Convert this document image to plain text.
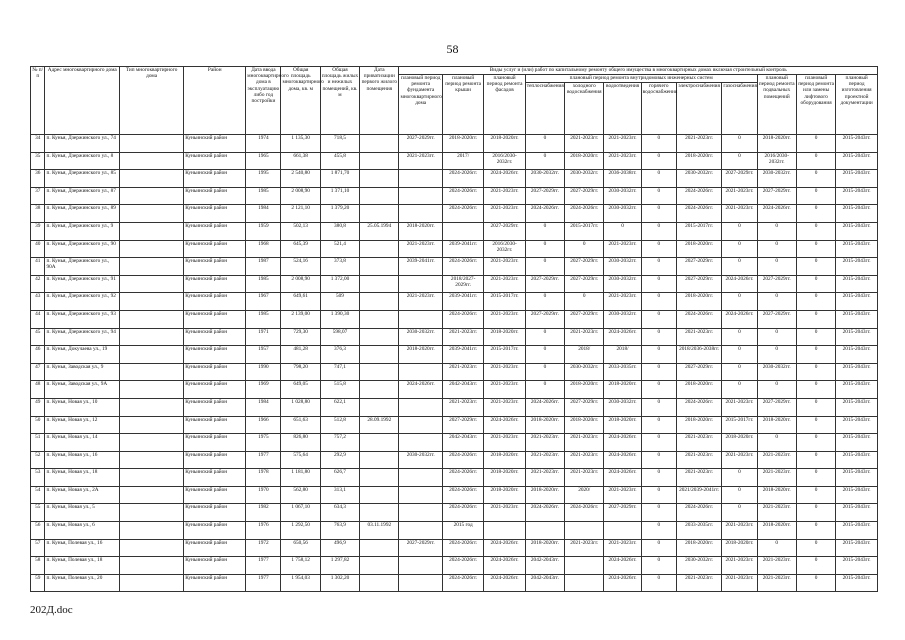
58
№ п/п	Адрес многоквартирного дома	Тип многоквартирного дома	Район	Дата ввода многоквартирного дома в эксплуатацию либо год постройки	Общая площадь многоквартирного дома, кв. м	Общая площадь жилых и нежилых помещений, кв. м	Дата приватизации первого жилого помещения	Виды услуг и (или) работ по капитальному ремонту общего имущества в многоквартирных домах включая строительный контроль											
								плановый период ремонта фундамента многоквартирного дома	плановый период ремонта крыши	плановый период ремонта фасадов	плановый период ремонта внутридомовых инженерных систем						плановый период ремонта подвальных помещений	плановый период ремонта или замены лифтового оборудования	плановый период изготовления проектной документации
											теплоснабжения	холодного водоснабжения	водоотведения	горячего водоснабжения	электроснабжения	газоснабжения			
34	п. Кунья, Дзержинского ул., 74		Куньинский район	1974	1 135,30	718,5		2027-2029гг.	2018-2020гг.	2018-2020гг.	0	2021-2023гг.	2021-2023гг.	0	2021-2023гг.	0	2018-2020гг.	0	2015-2043гг.
35	п. Кунья, Дзержинского ул., 8		Куньинский район	1965	661,38	455,8		2021-2023гг.	2017/	2016/2030-2032гг.	0	2018-2020гг.	2021-2023гг.	0	2018-2020гг.	0	2016/2030-2032гг.	0	2015-2043гг.
36	п. Кунья, Дзержинского ул., 85		Куньинский район	1995	2 540,80	1 871,70			2024-2026гг.	2024-2026гг.	2030-2032гг.	2030-2032гг.	2036-2038гг.	0	2030-2032гг.	2027-2029гг.	2030-2032гг.	0	2015-2043гг.
37	п. Кунья, Дзержинского ул., 87		Куньинский район	1985	2 008,90	1 371,10			2024-2026гг.	2021-2023гг.	2027-2029гг.	2027-2029гг.	2030-2032гг.	0	2024-2026гг.	2021-2023гг.	2027-2029гг.	0	2015-2043гг.
38	п. Кунья, Дзержинского ул., 89		Куньинский район	1984	2 121,10	1 379,20			2024-2026гг.	2021-2023гг.	2024-2026гг.	2024-2026гг.	2030-2032гг.	0	2024-2026гг.	2021-2023гг.	2024-2026гг.	0	2015-2043гг.
39	п. Кунья, Дзержинского ул., 9		Куньинский район	1959	502,13	380,8	25.05.1994	2018-2020гг.		2027-2029гг.	0	2015-2017гг.	0	0	2015-2017гг.	0	0	0	2015-2043гг.
40	п. Кунья, Дзержинского ул., 90		Куньинский район	1968	645,39	521,4		2021-2023гг.	2039-2041гг.	2016/2030-2032гг.	0	0	2021-2023гг.	0	2018-2020гг.	0	0	0	2015-2043гг.
41	п. Кунья, Дзержинского ул., 90А		Куньинский район	1987	524,16	373,8		2039-2041гг.	2024-2026гг.	2021-2023гг.	0	2027-2029гг.	2030-2032гг.	0	2027-2029гг.	0	0	0	2015-2043гг.
42	п. Кунья, Дзержинского ул., 91		Куньинский район	1985	2 008,90	1 372,00			2018/2027-2029гг.	2021-2023гг.	2027-2029гг.	2027-2029гг.	2030-2032гг.	0	2027-2029гг.	2024-2026гг.	2027-2029гг.	0	2015-2043гг.
43	п. Кунья, Дзержинского ул., 92		Куньинский район	1967	649,61	509		2021-2023гг.	2039-2041гг.	2015-2017гг.	0	0	2021-2023гг.	0	2018-2020гг.	0	0	0	2015-2043гг.
44	п. Кунья, Дзержинского ул., 93		Куньинский район	1985	2 139,00	1 390,30			2024-2026гг.	2021-2023гг.	2027-2029гг.	2027-2029гг.	2030-2032гг.	0	2024-2026гг.	2024-2026гг.	2027-2029гг.	0	2015-2043гг.
45	п. Кунья, Дзержинского ул., 94		Куньинский район	1971	729,30	598,07		2030-2032гг.	2021-2023гг.	2018-2020гг.	0	2021-2023гг.	2024-2026гг.	0	2021-2023гг.	0	0	0	2015-2043гг.
46	п. Кунья, Докучаева ул., 19		Куньинский район	1957	481,28	376,3		2018-2020гг.	2039-2041гг.	2015-2017гг.	0	2018/	2018/	0	2018/2036-2038гг.	0	0	0	2015-2043гг.
47	п. Кунья, Заводская ул., 9		Куньинский район	1990	798,20	747,1			2021-2023гг.	2021-2023гг.	0	2030-2032гг.	2033-2035гг.	0	2027-2029гг.	0	2030-2032гг.	0	2015-2043гг.
48	п. Кунья, Заводская ул., 9А		Куньинский район	1969	649,05	515,8		2024-2026гг.	2042-2043гг.	2021-2023гг.	0	2018-2020гг.	2018-2020гг.	0	2018-2020гг.	0	0	0	2015-2043гг.
49	п. Кунья, Новая ул., 10		Куньинский район	1984	1 028,80	622,1			2021-2023гг.	2021-2023гг.	2024-2026гг.	2027-2029гг.	2030-2032гг.	0	2024-2026гг.	2021-2023гг.	2027-2029гг.	0	2015-2043гг.
50	п. Кунья, Новая ул., 12		Куньинский район	1966	651,63	512,8	28.09.1992		2027-2029гг.	2024-2026гг.	2018-2020гг.	2018-2020гг.	2018-2020гг.	0	2018-2020гг.	2015-2017гг.	2018-2020гг.	0	2015-2043гг.
51	п. Кунья, Новая ул., 14		Куньинский район	1975	826,80	757,2			2042-2043гг.	2021-2023гг.	2021-2023гг.	2021-2023гг.	2024-2026гг.	0	2021-2023гг.	2018-2020гг.	0	0	2015-2043гг.
52	п. Кунья, Новая ул., 16		Куньинский район	1977	575,64	292,9		2030-2032гг.	2024-2026гг.	2018-2020гг.	2021-2023гг.	2021-2023гг.	2024-2026гг.	0	2021-2023гг.	2021-2023гг.	2021-2023гг.	0	2015-2043гг.
53	п. Кунья, Новая ул., 18		Куньинский район	1978	1 181,80	626,7			2024-2026гг.	2018-2020гг.	2021-2023гг.	2021-2023гг.	2024-2026гг.	0	2021-2023гг.	0	2021-2023гг.	0	2015-2043гг.
54	п. Кунья, Новая ул., 2А		Куньинский район	1970	562,80	313,1			2024-2026гг.	2018-2020гг.	2018-2020гг.	2020/	2021-2023гг.	0	2021/2039-2041гг.	0	2018-2020гг.	0	2015-2043гг.
55	п. Кунья, Новая ул., 5		Куньинский район	1982	1 067,10	634,3			2024-2026гг.	2021-2023гг.	2024-2026гг.	2024-2026гг.	2027-2029гг.	0	2024-2026гг.	0	2021-2023гг.	0	2015-2043гг.
56	п. Кунья, Новая ул., 6		Куньинский район	1976	1 292,50	763,9	03.11.1992		2015 год					0	2033-2035гг.	2021-2023гг.	2018-2020гг.	0	2015-2043гг.
57	п. Кунья, Полевая ул., 16		Куньинский район	1972	650,56	496,9		2027-2029гг.	2024-2026гг.	2024-2026гг.	2018-2020гг.	2021-2023гг.	2021-2023гг.	0	2018-2020гг.	2018-2020гг.	0	0	2015-2043гг.
58	п. Кунья, Полевая ул., 18		Куньинский район	1977	1 758,12	1 297,82			2024-2026гг.	2024-2026гг.	2042-2043гг.		2024-2026гг.	0	2030-2032гг.	2021-2023гг.	2021-2023гг.	0	2015-2043гг.
59	п. Кунья, Полевая ул., 20		Куньинский район	1977	1 954,03	1 302,20			2024-2026гг.	2024-2026гг.	2042-2043гг.		2024-2026гг.	0	2021-2023гг.	2021-2023гг.	2021-2023гг.	0	2015-2043гг.
202Д.doc
